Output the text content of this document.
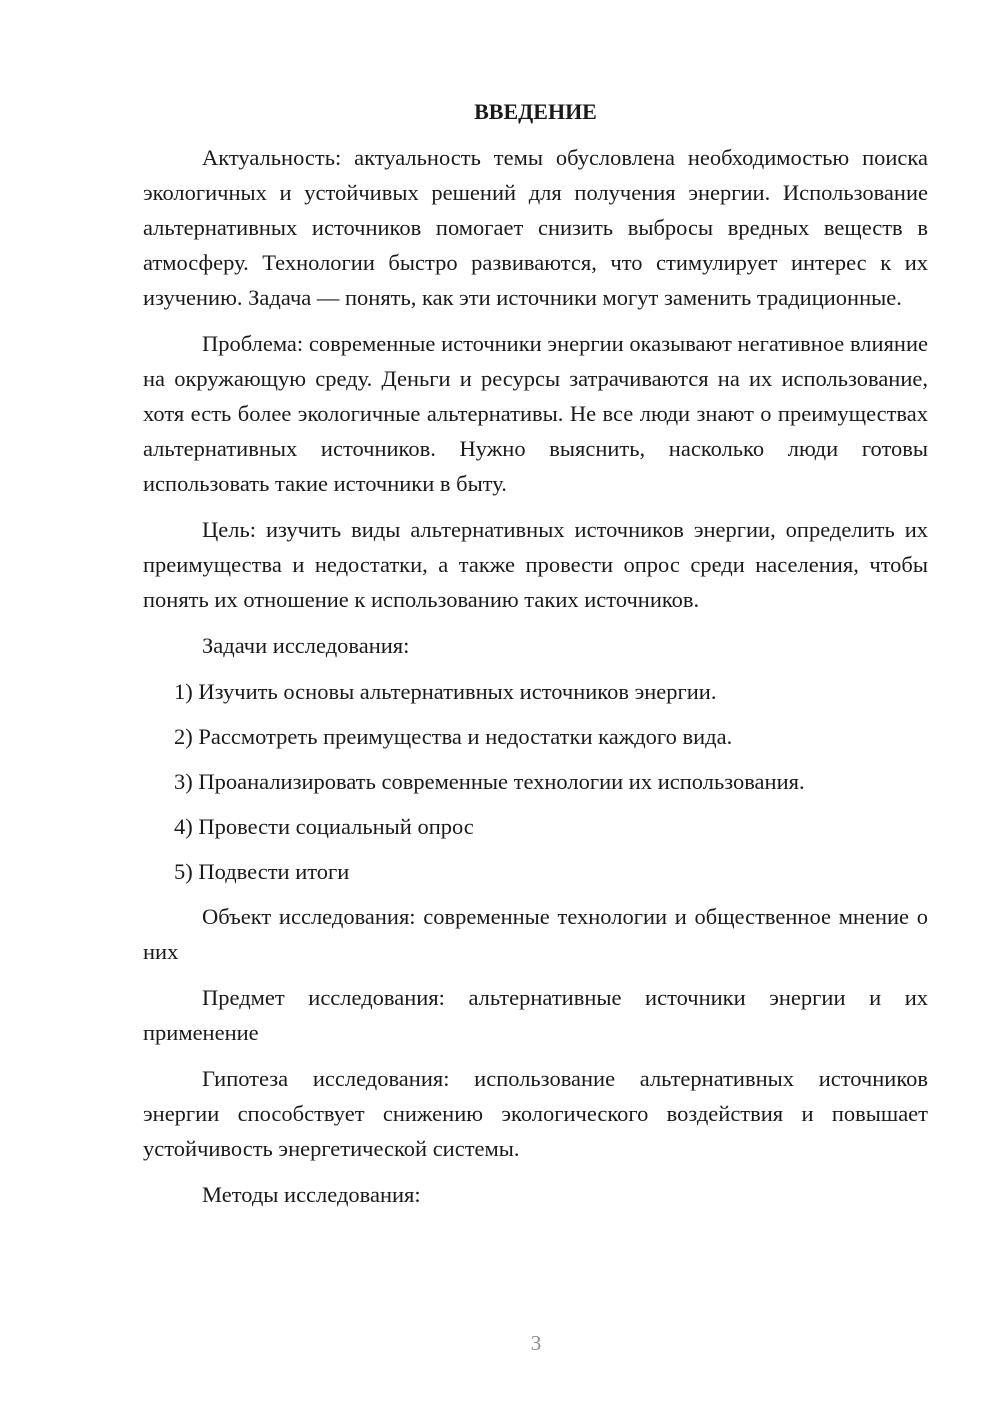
ВВЕДЕНИЕ

Актуальность: актуальность темы обусловлена необходимостью поиска экологичных и устойчивых решений для получения энергии. Использование альтернативных источников помогает снизить выбросы вредных веществ в атмосферу. Технологии быстро развиваются, что стимулирует интерес к их изучению. Задача — понять, как эти источники могут заменить традиционные.

Проблема: современные источники энергии оказывают негативное влияние на окружающую среду. Деньги и ресурсы затрачиваются на их использование, хотя есть более экологичные альтернативы. Не все люди знают о преимуществах альтернативных источников. Нужно выяснить, насколько люди готовы использовать такие источники в быту.

Цель: изучить виды альтернативных источников энергии, определить их преимущества и недостатки, а также провести опрос среди населения, чтобы понять их отношение к использованию таких источников.

Задачи исследования:

1) Изучить основы альтернативных источников энергии.

2) Рассмотреть преимущества и недостатки каждого вида.

3) Проанализировать современные технологии их использования.

4) Провести социальный опрос

5) Подвести итоги

Объект исследования: современные технологии и общественное мнение о них

Предмет исследования: альтернативные источники энергии и их применение

Гипотеза исследования: использование альтернативных источников энергии способствует снижению экологического воздействия и повышает устойчивость энергетической системы.

Методы исследования:

3
